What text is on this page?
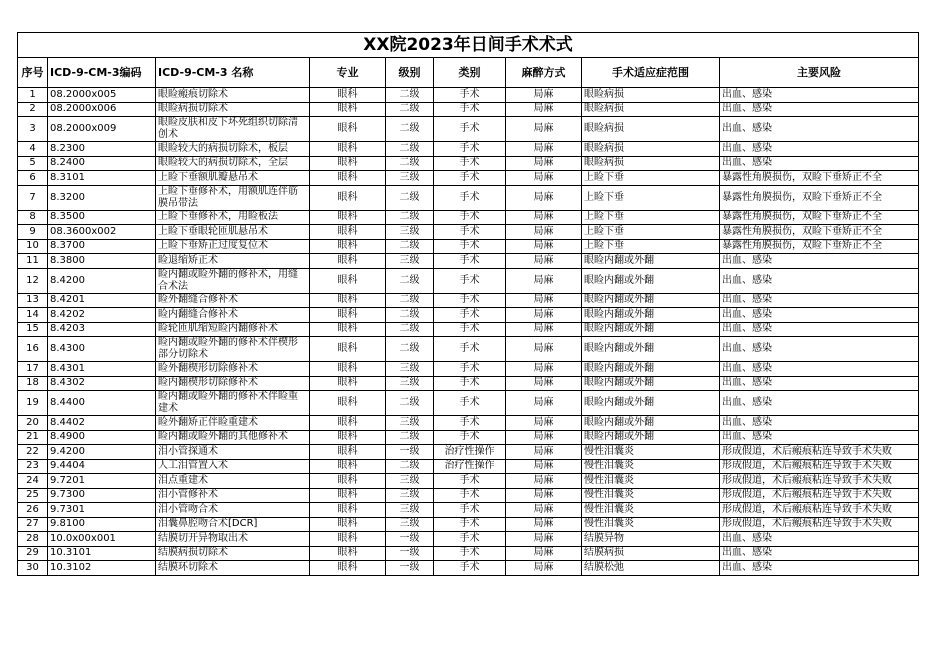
XX院2023年日间手术术式								
序号	ICD-9-CM-3编码	ICD-9-CM-3 名称	专业	级别	类别	麻醉方式	手术适应症范围	主要风险
1	08.2000x005	眼睑瘢痕切除术	眼科	二级	手术	局麻	眼睑病损	出血、感染
2	08.2000x006	眼睑病损切除术	眼科	二级	手术	局麻	眼睑病损	出血、感染
3	08.2000x009	眼睑皮肤和皮下坏死组织切除清创术	眼科	二级	手术	局麻	眼睑病损	出血、感染
4	8.2300	眼睑较大的病损切除术，板层	眼科	二级	手术	局麻	眼睑病损	出血、感染
5	8.2400	眼睑较大的病损切除术，全层	眼科	二级	手术	局麻	眼睑病损	出血、感染
6	8.3101	上睑下垂额肌瓣悬吊术	眼科	三级	手术	局麻	上睑下垂	暴露性角膜损伤，双睑下垂矫正不全
7	8.3200	上睑下垂修补术，用额肌连伴筋膜吊带法	眼科	二级	手术	局麻	上睑下垂	暴露性角膜损伤，双睑下垂矫正不全
8	8.3500	上睑下垂修补术，用睑板法	眼科	二级	手术	局麻	上睑下垂	暴露性角膜损伤，双睑下垂矫正不全
9	08.3600x002	上睑下垂眼轮匝肌悬吊术	眼科	三级	手术	局麻	上睑下垂	暴露性角膜损伤，双睑下垂矫正不全
10	8.3700	上睑下垂矫正过度复位术	眼科	二级	手术	局麻	上睑下垂	暴露性角膜损伤，双睑下垂矫正不全
11	8.3800	睑退缩矫正术	眼科	三级	手术	局麻	眼睑内翻或外翻	出血、感染
12	8.4200	睑内翻或睑外翻的修补术，用缝合术法	眼科	二级	手术	局麻	眼睑内翻或外翻	出血、感染
13	8.4201	睑外翻缝合修补术	眼科	二级	手术	局麻	眼睑内翻或外翻	出血、感染
14	8.4202	睑内翻缝合修补术	眼科	二级	手术	局麻	眼睑内翻或外翻	出血、感染
15	8.4203	睑轮匝肌缩短睑内翻修补术	眼科	二级	手术	局麻	眼睑内翻或外翻	出血、感染
16	8.4300	睑内翻或睑外翻的修补术伴楔形部分切除术	眼科	二级	手术	局麻	眼睑内翻或外翻	出血、感染
17	8.4301	睑外翻楔形切除修补术	眼科	三级	手术	局麻	眼睑内翻或外翻	出血、感染
18	8.4302	睑内翻楔形切除修补术	眼科	三级	手术	局麻	眼睑内翻或外翻	出血、感染
19	8.4400	睑内翻或睑外翻的修补术伴睑重建术	眼科	二级	手术	局麻	眼睑内翻或外翻	出血、感染
20	8.4402	睑外翻矫正伴睑重建术	眼科	三级	手术	局麻	眼睑内翻或外翻	出血、感染
21	8.4900	睑内翻或睑外翻的其他修补术	眼科	二级	手术	局麻	眼睑内翻或外翻	出血、感染
22	9.4200	泪小管探通术	眼科	一级	治疗性操作	局麻	慢性泪囊炎	形成假道，术后瘢痕粘连导致手术失败
23	9.4404	人工泪管置入术	眼科	二级	治疗性操作	局麻	慢性泪囊炎	形成假道，术后瘢痕粘连导致手术失败
24	9.7201	泪点重建术	眼科	三级	手术	局麻	慢性泪囊炎	形成假道，术后瘢痕粘连导致手术失败
25	9.7300	泪小管修补术	眼科	三级	手术	局麻	慢性泪囊炎	形成假道，术后瘢痕粘连导致手术失败
26	9.7301	泪小管吻合术	眼科	三级	手术	局麻	慢性泪囊炎	形成假道，术后瘢痕粘连导致手术失败
27	9.8100	泪囊鼻腔吻合术[DCR]	眼科	三级	手术	局麻	慢性泪囊炎	形成假道，术后瘢痕粘连导致手术失败
28	10.0x00x001	结膜切开异物取出术	眼科	一级	手术	局麻	结膜异物	出血、感染
29	10.3101	结膜病损切除术	眼科	一级	手术	局麻	结膜病损	出血、感染
30	10.3102	结膜环切除术	眼科	一级	手术	局麻	结膜松弛	出血、感染
